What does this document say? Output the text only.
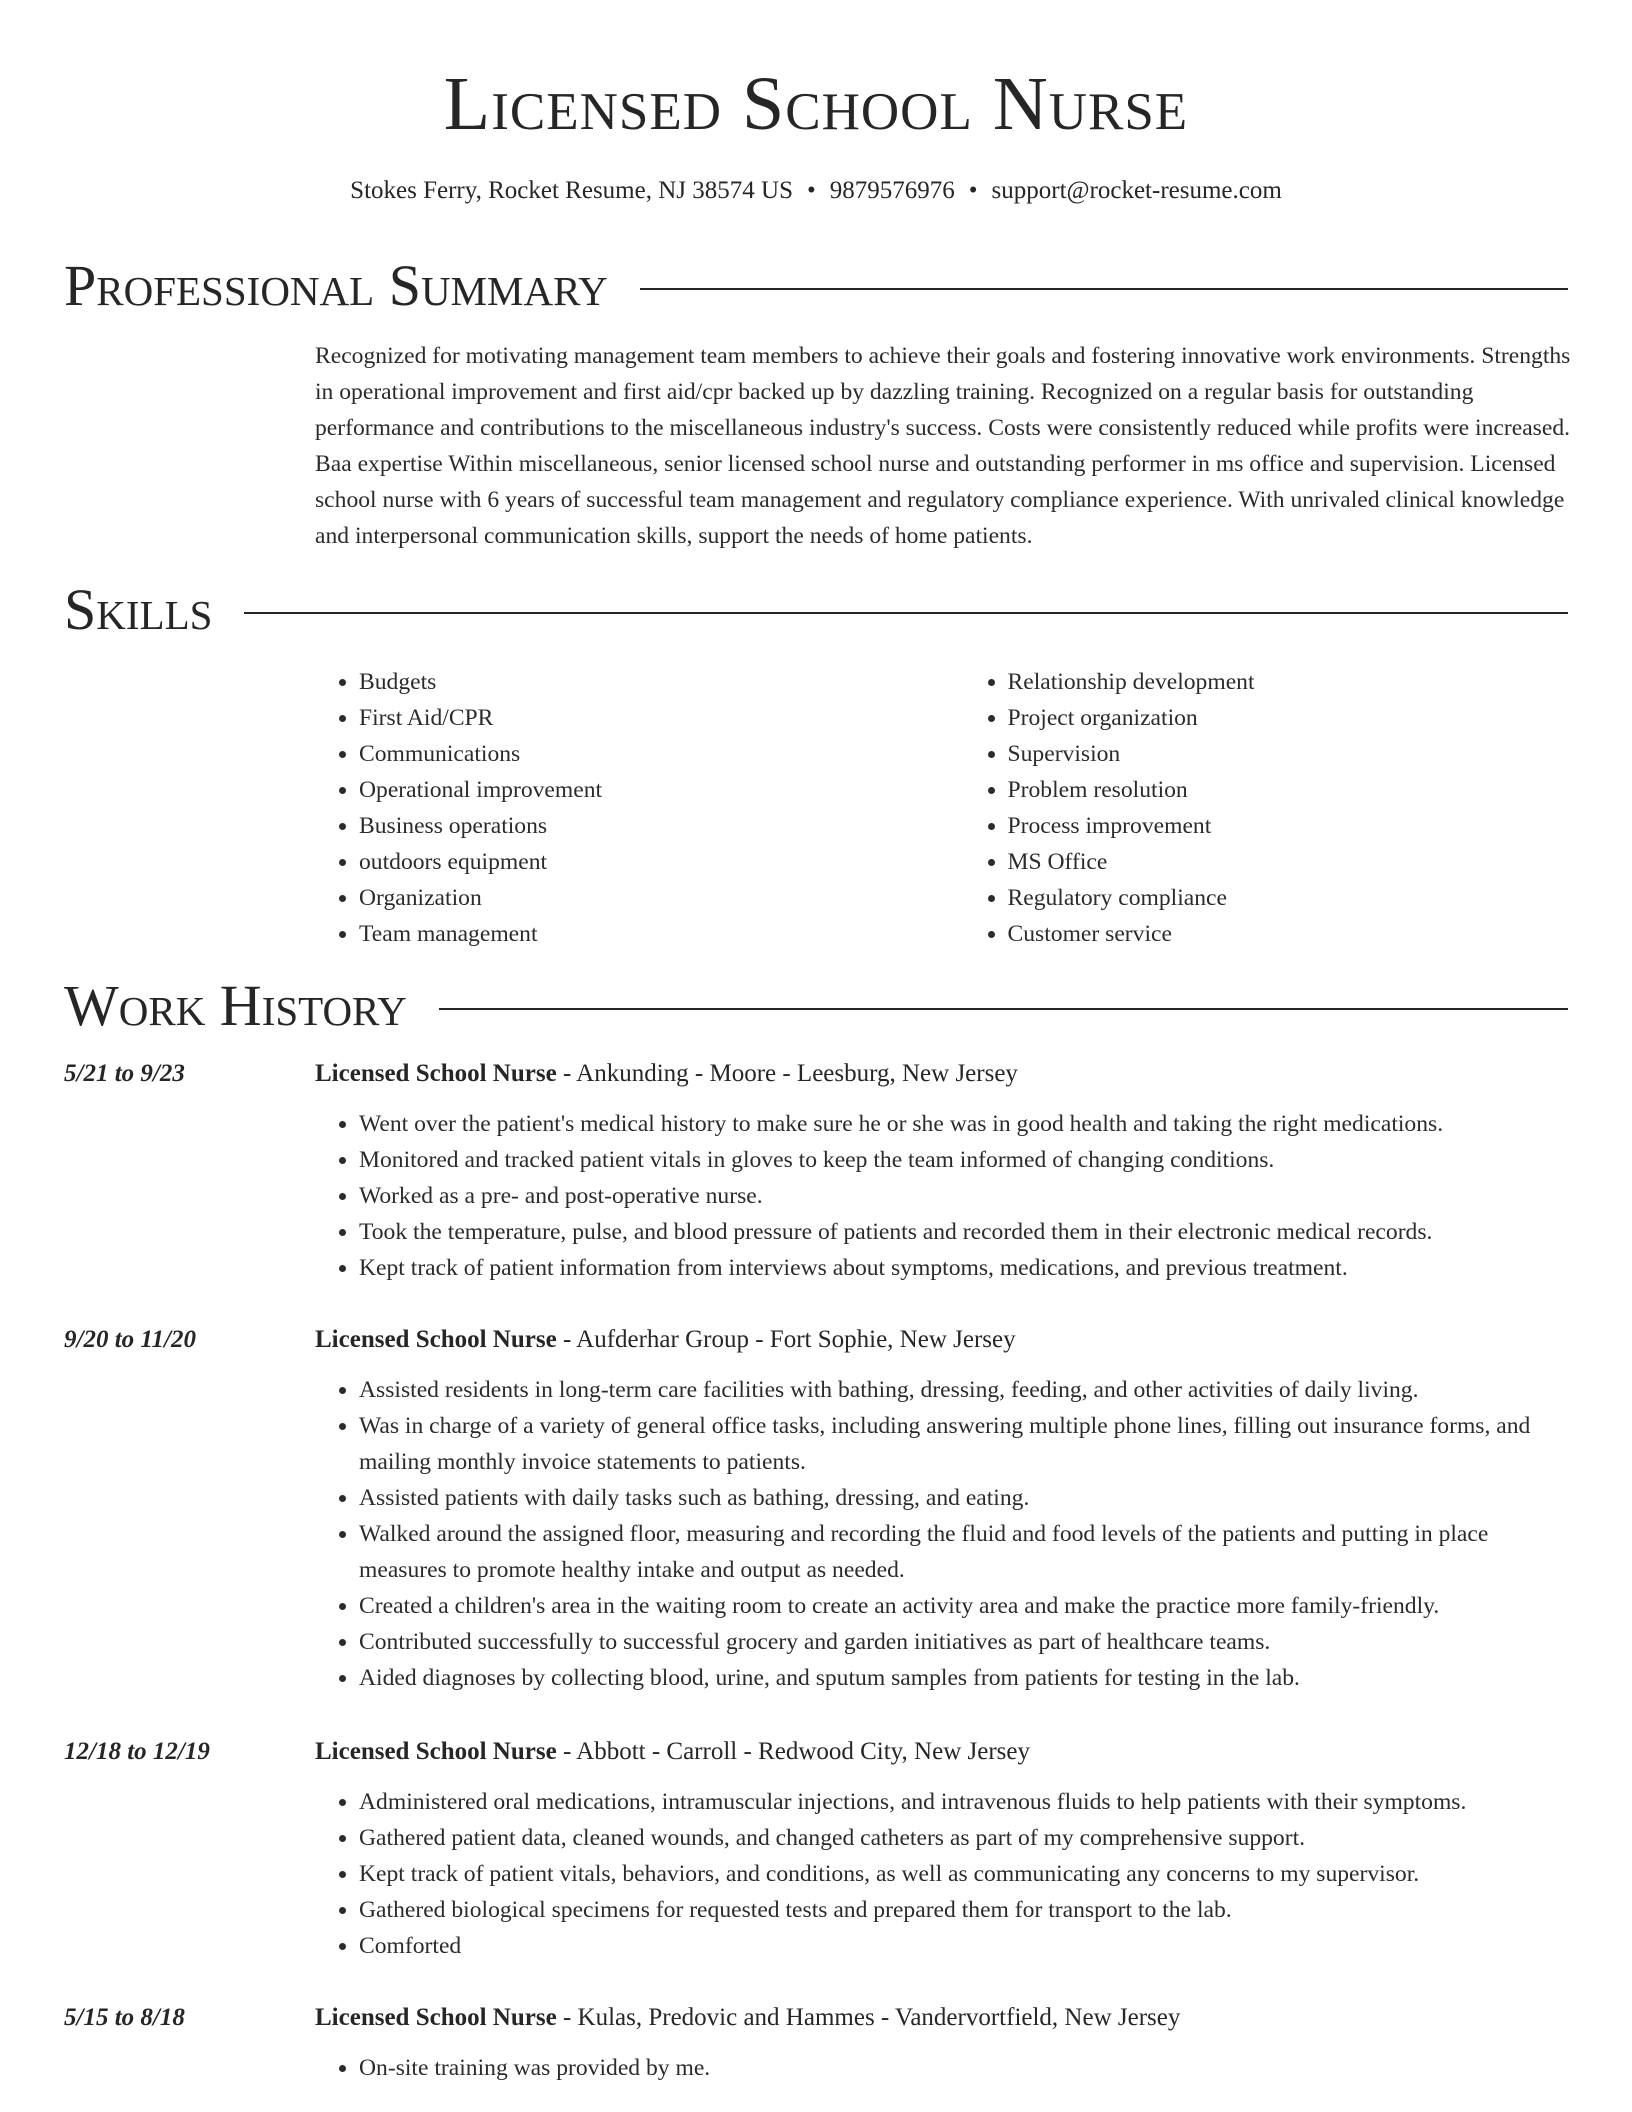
Licensed School Nurse
Stokes Ferry, Rocket Resume, NJ 38574 US • 9879576976 • support@rocket-resume.com
Professional Summary
Recognized for motivating management team members to achieve their goals and fostering innovative work environments. Strengths in operational improvement and first aid/cpr backed up by dazzling training. Recognized on a regular basis for outstanding performance and contributions to the miscellaneous industry's success. Costs were consistently reduced while profits were increased. Baa expertise Within miscellaneous, senior licensed school nurse and outstanding performer in ms office and supervision. Licensed school nurse with 6 years of successful team management and regulatory compliance experience. With unrivaled clinical knowledge and interpersonal communication skills, support the needs of home patients.
Skills
• Budgets
• First Aid/CPR
• Communications
• Operational improvement
• Business operations
• outdoors equipment
• Organization
• Team management
• Relationship development
• Project organization
• Supervision
• Problem resolution
• Process improvement
• MS Office
• Regulatory compliance
• Customer service
Work History
5/21 to 9/23	Licensed School Nurse - Ankunding - Moore - Leesburg, New Jersey
• Went over the patient's medical history to make sure he or she was in good health and taking the right medications.
• Monitored and tracked patient vitals in gloves to keep the team informed of changing conditions.
• Worked as a pre- and post-operative nurse.
• Took the temperature, pulse, and blood pressure of patients and recorded them in their electronic medical records.
• Kept track of patient information from interviews about symptoms, medications, and previous treatment.
9/20 to 11/20	Licensed School Nurse - Aufderhar Group - Fort Sophie, New Jersey
• Assisted residents in long-term care facilities with bathing, dressing, feeding, and other activities of daily living.
• Was in charge of a variety of general office tasks, including answering multiple phone lines, filling out insurance forms, and mailing monthly invoice statements to patients.
• Assisted patients with daily tasks such as bathing, dressing, and eating.
• Walked around the assigned floor, measuring and recording the fluid and food levels of the patients and putting in place measures to promote healthy intake and output as needed.
• Created a children's area in the waiting room to create an activity area and make the practice more family-friendly.
• Contributed successfully to successful grocery and garden initiatives as part of healthcare teams.
• Aided diagnoses by collecting blood, urine, and sputum samples from patients for testing in the lab.
12/18 to 12/19	Licensed School Nurse - Abbott - Carroll - Redwood City, New Jersey
• Administered oral medications, intramuscular injections, and intravenous fluids to help patients with their symptoms.
• Gathered patient data, cleaned wounds, and changed catheters as part of my comprehensive support.
• Kept track of patient vitals, behaviors, and conditions, as well as communicating any concerns to my supervisor.
• Gathered biological specimens for requested tests and prepared them for transport to the lab.
• Comforted
5/15 to 8/18	Licensed School Nurse - Kulas, Predovic and Hammes - Vandervortfield, New Jersey
• On-site training was provided by me.
